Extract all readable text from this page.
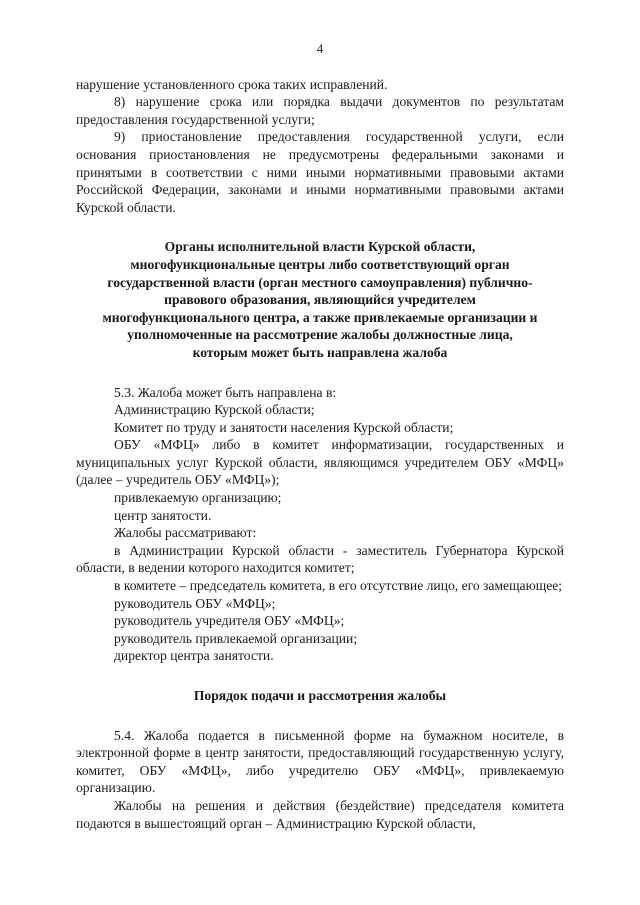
4

нарушение установленного срока таких исправлений.

8) нарушение срока или порядка выдачи документов по результатам предоставления государственной услуги;

9) приостановление предоставления государственной услуги, если основания приостановления не предусмотрены федеральными законами и принятыми в соответствии с ними иными нормативными правовыми актами Российской Федерации, законами и иными нормативными правовыми актами Курской области.

Органы исполнительной власти Курской области,
многофункциональные центры либо соответствующий орган
государственной власти (орган местного самоуправления) публично-
правового образования, являющийся учредителем
многофункционального центра, а также привлекаемые организации и
уполномоченные на рассмотрение жалобы должностные лица,
которым может быть направлена жалоба

5.3. Жалоба может быть направлена в:

Администрацию Курской области;

Комитет по труду и занятости населения Курской области;

ОБУ «МФЦ» либо в комитет информатизации, государственных и муниципальных услуг Курской области, являющимся учредителем ОБУ «МФЦ» (далее – учредитель ОБУ «МФЦ»);

привлекаемую организацию;

центр занятости.

Жалобы рассматривают:

в Администрации Курской области - заместитель Губернатора Курской области, в ведении которого находится комитет;

в комитете – председатель комитета, в его отсутствие лицо, его замещающее;

руководитель ОБУ «МФЦ»;

руководитель учредителя ОБУ «МФЦ»;

руководитель привлекаемой организации;

директор центра занятости.

Порядок подачи и рассмотрения жалобы

5.4. Жалоба подается в письменной форме на бумажном носителе, в электронной форме в центр занятости, предоставляющий государственную услугу, комитет, ОБУ «МФЦ», либо учредителю ОБУ «МФЦ», привлекаемую организацию.

Жалобы на решения и действия (бездействие) председателя комитета подаются в вышестоящий орган – Администрацию Курской области,
